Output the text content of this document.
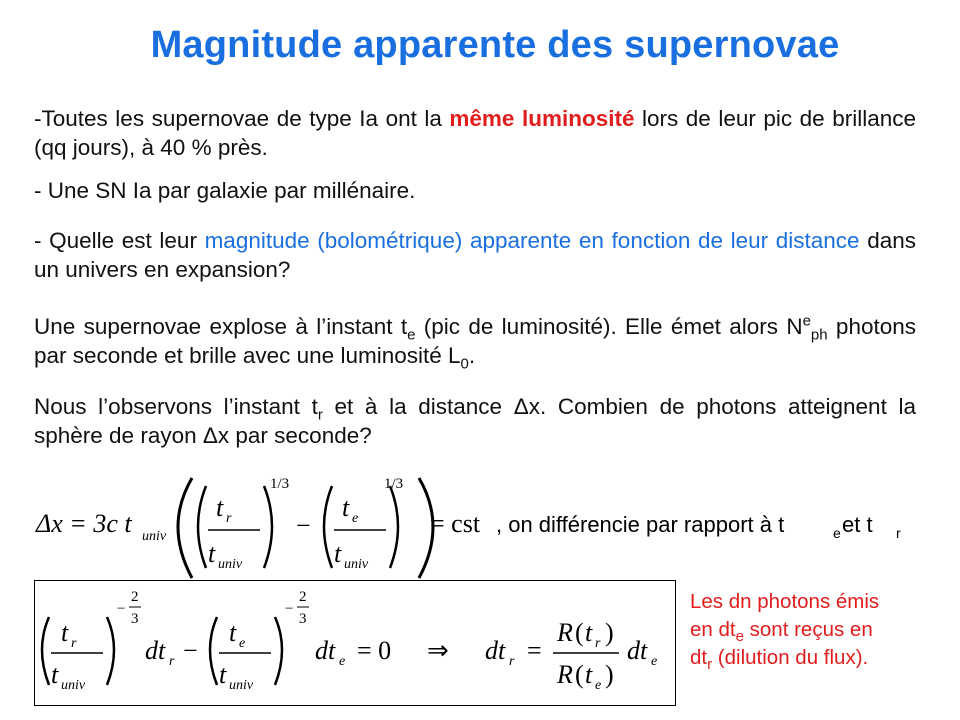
Magnitude apparente des supernovae
-Toutes les supernovae de type Ia ont la même luminosité lors de leur pic de brillance (qq jours), à 40 % près.
- Une SN Ia par galaxie par millénaire.
- Quelle est leur magnitude (bolométrique) apparente en fonction de leur distance dans un univers en expansion?
Une supernovae explose à l’instant $t_e$ (pic de luminosité). Elle émet alors $N^e_{ph}$ photons par seconde et brille avec une luminosité $L_0$.
Nous l’observons l’instant $t_r$ et à la distance Δx. Combien de photons atteignent la sphère de rayon Δx par seconde?
Δx = 3c t univ
t r
t univ
1/3
−
t e
t univ
1/3
= cst , on différencie par rapport à t	e et t r
t r
t univ
−
2
3
dt r −
t e
t univ
−
2
3
dt e = 0 ⇒ dt r =
R ( t r )
R ( t e )
dt e
Les dn photons émis
en $dt_e$ sont reçus en
$dt_r$ (dilution du flux).
